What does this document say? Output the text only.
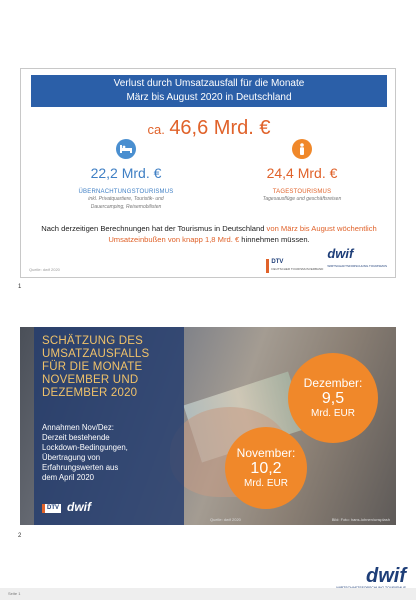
Verlust durch Umsatzausfall für die Monate
März bis August 2020 in Deutschland
ca. 46,6 Mrd. €
22,2 Mrd. €
ÜBERNACHTUNGSTOURISMUS
inkl. Privatquartiere, Touristik- und
Dauercamping, Reisemobilisten
24,4 Mrd. €
TAGESTOURISMUS
Tagesausflüge und geschäftsreisen
Nach derzeitigen Berechnungen hat der Tourismus in Deutschland von März bis August wöchentlich Umsatzeinbußen von knapp 1,8 Mrd. € hinnehmen müssen.
Quelle: dwif 2020
DTV
DEUTSCHER TOURISMUSVERBAND
dwif
WIRTSCHAFTSFORSCHUNG TOURISMUS
1
SCHÄTZUNG DES
UMSATZAUSFALLS
FÜR DIE MONATE
NOVEMBER UND
DEZEMBER 2020
Annahmen Nov/Dez:
Derzeit bestehende
Lockdown-Bedingungen,
Übertragung von
Erfahrungswerten aus
dem April 2020
DTV dwif
Dezember:
9,5
Mrd. EUR
November:
10,2
Mrd. EUR
Quelle: dwif 2020	Bild: Foto: hans-lohnen/unsplash
2
dwif
Seite 1
